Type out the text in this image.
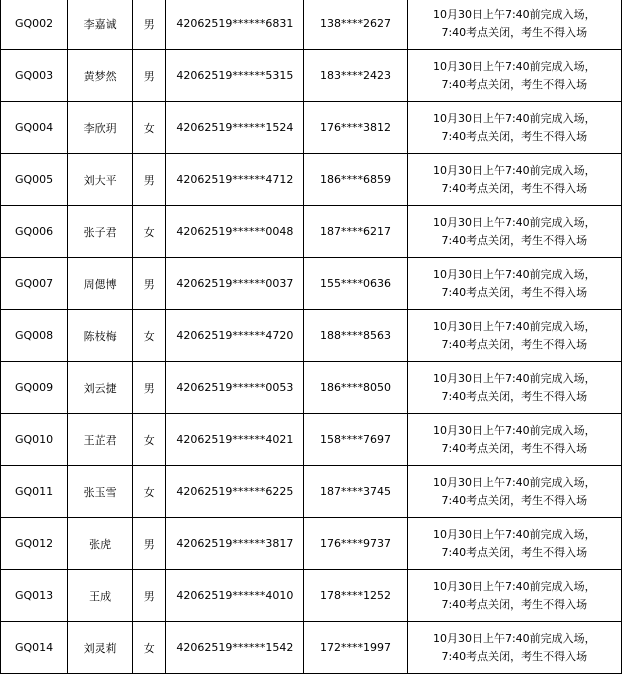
GQ002	李嘉诚	男	42062519******6831	138****2627	10月30日上午7:40前完成入场，
7:40考点关闭，考生不得入场

GQ003	黄梦然	男	42062519******5315	183****2423	10月30日上午7:40前完成入场，
7:40考点关闭，考生不得入场

GQ004	李欣玥	女	42062519******1524	176****3812	10月30日上午7:40前完成入场，
7:40考点关闭，考生不得入场

GQ005	刘大平	男	42062519******4712	186****6859	10月30日上午7:40前完成入场，
7:40考点关闭，考生不得入场

GQ006	张子君	女	42062519******0048	187****6217	10月30日上午7:40前完成入场，
7:40考点关闭，考生不得入场

GQ007	周偲博	男	42062519******0037	155****0636	10月30日上午7:40前完成入场，
7:40考点关闭，考生不得入场

GQ008	陈枝梅	女	42062519******4720	188****8563	10月30日上午7:40前完成入场，
7:40考点关闭，考生不得入场

GQ009	刘云捷	男	42062519******0053	186****8050	10月30日上午7:40前完成入场，
7:40考点关闭，考生不得入场

GQ010	王芷君	女	42062519******4021	158****7697	10月30日上午7:40前完成入场，
7:40考点关闭，考生不得入场

GQ011	张玉雪	女	42062519******6225	187****3745	10月30日上午7:40前完成入场，
7:40考点关闭，考生不得入场

GQ012	张虎	男	42062519******3817	176****9737	10月30日上午7:40前完成入场，
7:40考点关闭，考生不得入场

GQ013	王成	男	42062519******4010	178****1252	10月30日上午7:40前完成入场，
7:40考点关闭，考生不得入场

GQ014	刘灵莉	女	42062519******1542	172****1997	10月30日上午7:40前完成入场，
7:40考点关闭，考生不得入场
